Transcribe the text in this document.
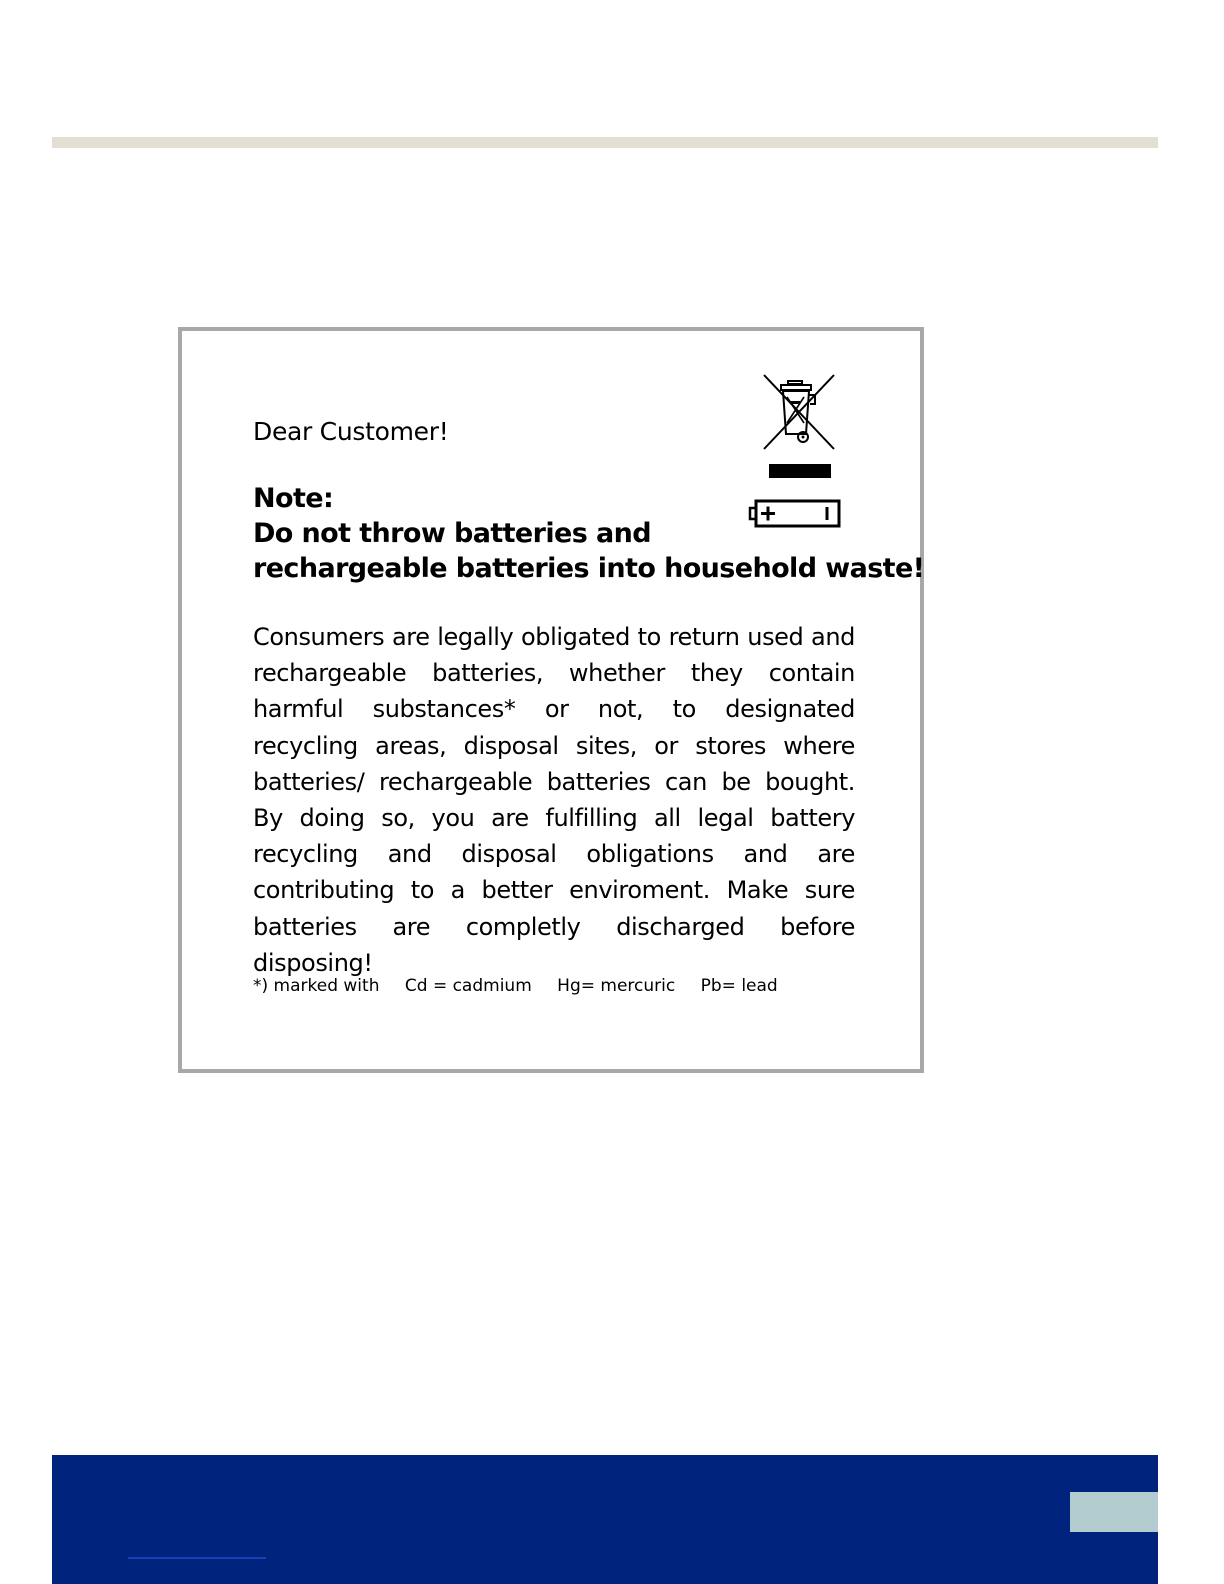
Dear Customer!
Note:
Do not throw batteries and
rechargeable batteries into household waste!
Consumers are legally obligated to return used and rechargeable batteries, whether they contain harmful substances* or not, to designated recycling areas, disposal sites, or stores where batteries/ rechargeable batteries can be bought. By doing so, you are fulfilling all legal battery recycling and disposal obligations and are contributing to a better enviroment. Make sure batteries are completly discharged before disposing!
*) marked with Cd = cadmium Hg= mercuric Pb= lead
